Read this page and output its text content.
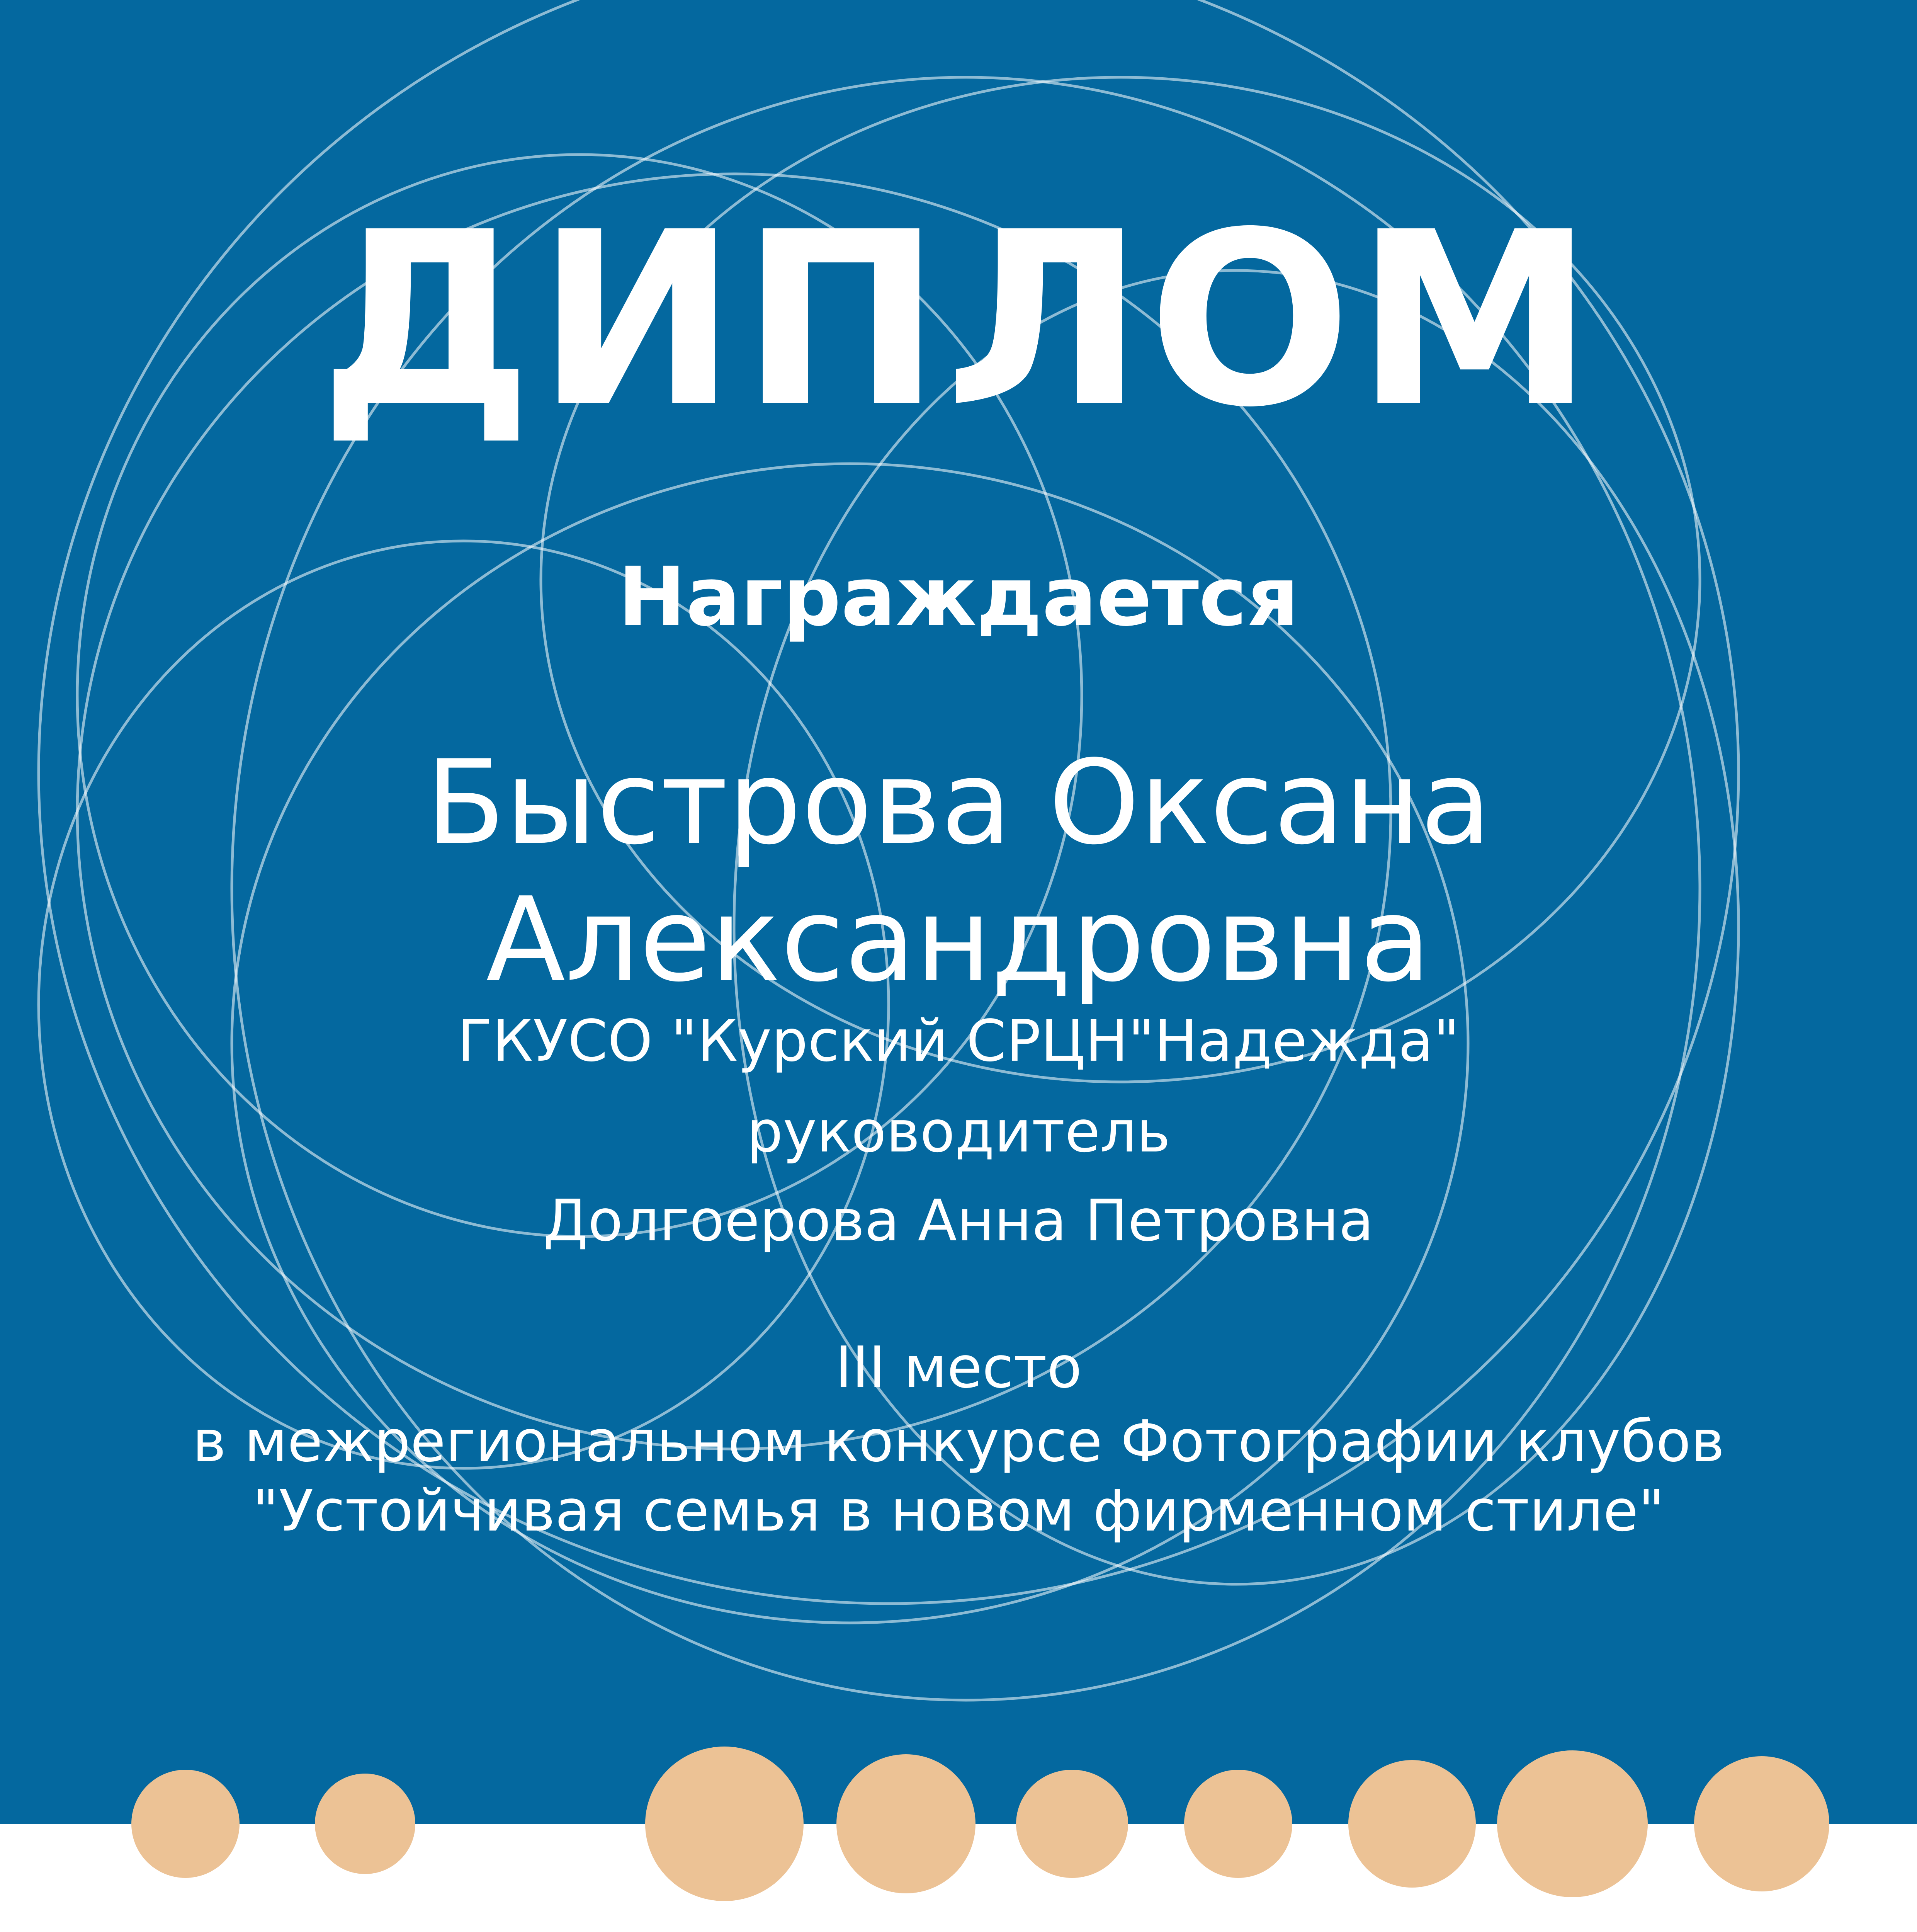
ДИПЛОМ
Награждается
Быстрова Оксана Александровна
ГКУСО "Курский СРЦН"Надежда"
руководитель
Долгоерова Анна Петровна
III место
в межрегиональном конкурсе Фотографии клубов "Устойчивая семья в новом фирменном стиле"
